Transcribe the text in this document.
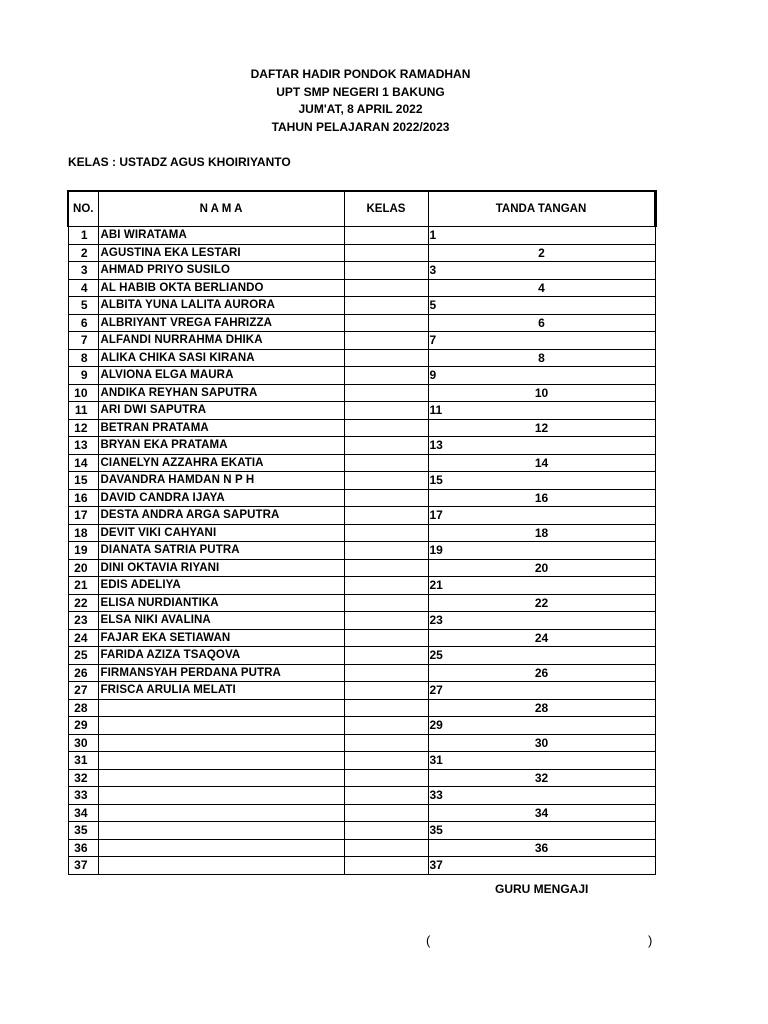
DAFTAR HADIR PONDOK RAMADHAN
UPT SMP NEGERI 1 BAKUNG
JUM'AT, 8 APRIL 2022
TAHUN PELAJARAN 2022/2023
KELAS : USTADZ AGUS KHOIRIYANTO
NO.	N A M A	KELAS	TANDA TANGAN
1	ABI WIRATAMA		1

2	AGUSTINA EKA LESTARI		2

3	AHMAD PRIYO SUSILO		3

4	AL HABIB OKTA BERLIANDO		4

5	ALBITA YUNA LALITA AURORA		5

6	ALBRIYANT VREGA FAHRIZZA		6

7	ALFANDI NURRAHMA DHIKA		7

8	ALIKA CHIKA SASI KIRANA		8

9	ALVIONA ELGA MAURA		9

10	ANDIKA REYHAN SAPUTRA		10

11	ARI DWI SAPUTRA		11

12	BETRAN PRATAMA		12

13	BRYAN EKA PRATAMA		13

14	CIANELYN AZZAHRA EKATIA		14

15	DAVANDRA HAMDAN N P H		15

16	DAVID CANDRA IJAYA		16

17	DESTA ANDRA ARGA SAPUTRA		17

18	DEVIT VIKI CAHYANI		18

19	DIANATA SATRIA PUTRA		19

20	DINI OKTAVIA RIYANI		20

21	EDIS ADELIYA		21

22	ELISA NURDIANTIKA		22

23	ELSA NIKI AVALINA		23

24	FAJAR EKA SETIAWAN		24

25	FARIDA AZIZA TSAQOVA		25

26	FIRMANSYAH PERDANA PUTRA		26

27	FRISCA ARULIA MELATI		27

28			28

29			29

30			30

31			31

32			32

33			33

34			34

35			35

36			36

37			37
GURU MENGAJI
(	)
